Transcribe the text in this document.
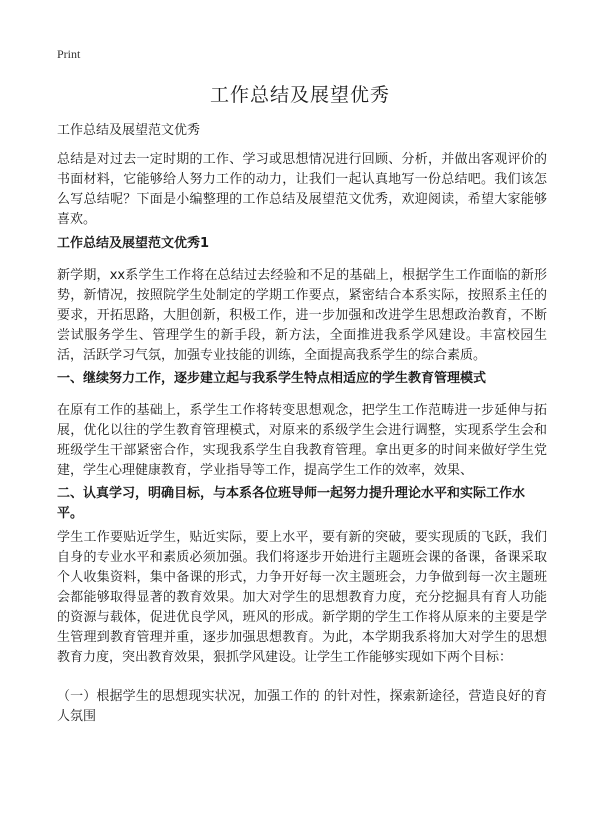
Print
工作总结及展望优秀

工作总结及展望范文优秀

总结是对过去一定时期的工作、学习或思想情况进行回顾、分析，并做出客观评价的书面材料，它能够给人努力工作的动力，让我们一起认真地写一份总结吧。我们该怎么写总结呢？下面是小编整理的工作总结及展望范文优秀，欢迎阅读，希望大家能够喜欢。

工作总结及展望范文优秀1

新学期，xx系学生工作将在总结过去经验和不足的基础上，根据学生工作面临的新形势，新情况，按照院学生处制定的学期工作要点，紧密结合本系实际，按照系主任的要求，开拓思路，大胆创新，积极工作，进一步加强和改进学生思想政治教育，不断尝试服务学生、管理学生的新手段，新方法，全面推进我系学风建设。丰富校园生活，活跃学习气氛，加强专业技能的训练，全面提高我系学生的综合素质。

一、继续努力工作，逐步建立起与我系学生特点相适应的学生教育管理模式

在原有工作的基础上，系学生工作将转变思想观念，把学生工作范畴进一步延伸与拓展，优化以往的学生教育管理模式，对原来的系级学生会进行调整，实现系学生会和班级学生干部紧密合作，实现我系学生自我教育管理。拿出更多的时间来做好学生党建，学生心理健康教育，学业指导等工作，提高学生工作的效率，效果、

二、认真学习，明确目标，与本系各位班导师一起努力提升理论水平和实际工作水平。

学生工作要贴近学生，贴近实际，要上水平，要有新的突破，要实现质的飞跃，我们自身的专业水平和素质必须加强。我们将逐步开始进行主题班会课的备课，备课采取个人收集资料，集中备课的形式，力争开好每一次主题班会，力争做到每一次主题班会都能够取得显著的教育效果。加大对学生的思想教育力度，充分挖掘具有育人功能的资源与载体，促进优良学风，班风的形成。新学期的学生工作将从原来的主要是学生管理到教育管理并重，逐步加强思想教育。为此，本学期我系将加大对学生的思想教育力度，突出教育效果，狠抓学风建设。让学生工作能够实现如下两个目标：

（一）根据学生的思想现实状况，加强工作的 的针对性，探索新途径，营造良好的育人氛围
